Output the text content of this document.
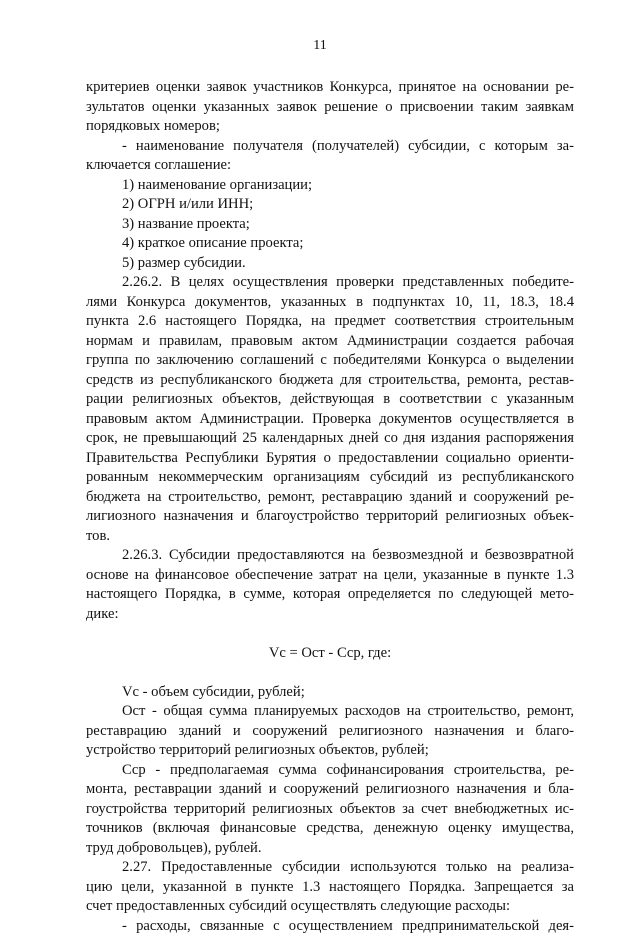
11
критериев оценки заявок участников Конкурса, принятое на основании ре-
зультатов оценки указанных заявок решение о присвоении таким заявкам
порядковых номеров;
- наименование получателя (получателей) субсидии, с которым за-
ключается соглашение:
1) наименование организации;
2) ОГРН и/или ИНН;
3) название проекта;
4) краткое описание проекта;
5) размер субсидии.
2.26.2. В целях осуществления проверки представленных победите-
лями Конкурса документов, указанных в подпунктах 10, 11, 18.3, 18.4
пункта 2.6 настоящего Порядка, на предмет соответствия строительным
нормам и правилам, правовым актом Администрации создается рабочая
группа по заключению соглашений с победителями Конкурса о выделении
средств из республиканского бюджета для строительства, ремонта, рестав-
рации религиозных объектов, действующая в соответствии с указанным
правовым актом Администрации. Проверка документов осуществляется в
срок, не превышающий 25 календарных дней со дня издания распоряжения
Правительства Республики Бурятия о предоставлении социально ориенти-
рованным некоммерческим организациям субсидий из республиканского
бюджета на строительство, ремонт, реставрацию зданий и сооружений ре-
лигиозного назначения и благоустройство территорий религиозных объек-
тов.
2.26.3. Субсидии предоставляются на безвозмездной и безвозвратной
основе на финансовое обеспечение затрат на цели, указанные в пункте 1.3
настоящего Порядка, в сумме, которая определяется по следующей мето-
дике:
Vc = Ост - Сср, где:
Vc - объем субсидии, рублей;
Ост - общая сумма планируемых расходов на строительство, ремонт,
реставрацию зданий и сооружений религиозного назначения и благо-
устройство территорий религиозных объектов, рублей;
Сср - предполагаемая сумма софинансирования строительства, ре-
монта, реставрации зданий и сооружений религиозного назначения и бла-
гоустройства территорий религиозных объектов за счет внебюджетных ис-
точников (включая финансовые средства, денежную оценку имущества,
труд добровольцев), рублей.
2.27. Предоставленные субсидии используются только на реализа-
цию цели, указанной в пункте 1.3 настоящего Порядка. Запрещается за
счет предоставленных субсидий осуществлять следующие расходы:
- расходы, связанные с осуществлением предпринимательской дея-
